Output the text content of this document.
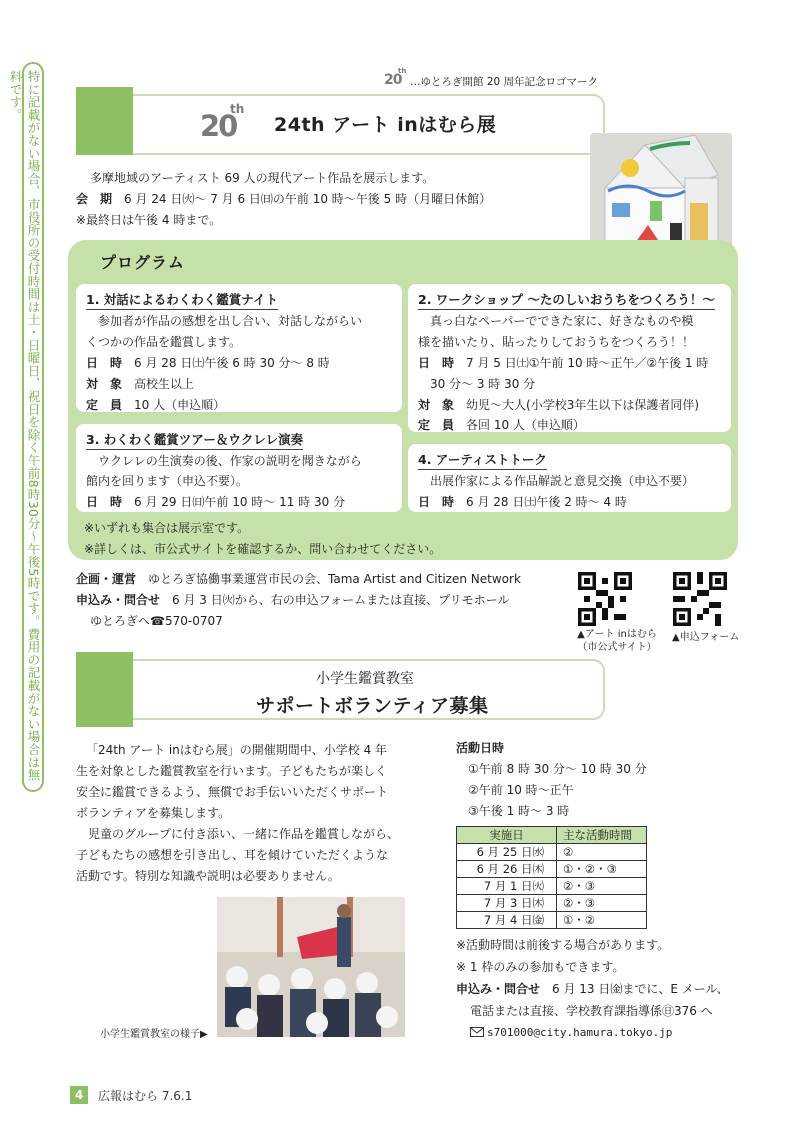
特に記載がない場合、市役所の受付時間は土・日曜日、祝日を除く午前8時30分～午後5時です。費用の記載がない場合は無料です。	20
th
…ゆとろぎ開館 20 周年記念ロゴマーク
20
th
24th アート inはむら展
多摩地域のアーティスト 69 人の現代アート作品を展示します。
会　期　 6 月 24 日㈫～ 7 月 6 日㈰の午前 10 時～午後 5 時（月曜日休館）
※最終日は午後 4 時まで。
プログラム
1. 対話によるわくわく鑑賞ナイト
参加者が作品の感想を出し合い、対話しながらい
くつかの作品を鑑賞します。
日　時　 6 月 28 日㈯午後 6 時 30 分～ 8 時
対　象　 高校生以上
定　員　 10 人（申込順）
2. ワークショップ ～たのしいおうちをつくろう！～
真っ白なペーパーでできた家に、好きなものや模
様を描いたり、貼ったりしておうちをつくろう！！
日　時　 7 月 5 日㈯①午前 10 時～正午／②午後 1 時
30 分～ 3 時 30 分
対　象　 幼児～大人(小学校3年生以下は保護者同伴)
定　員　 各回 10 人（申込順）
3. わくわく鑑賞ツアー＆ウクレレ演奏
ウクレレの生演奏の後、作家の説明を聞きながら
館内を回ります（申込不要）。
日　時　 6 月 29 日㈰午前 10 時～ 11 時 30 分
4. アーティストトーク
出展作家による作品解説と意見交換（申込不要）
日　時　 6 月 28 日㈯午後 2 時～ 4 時
※いずれも集合は展示室です。
※詳しくは、市公式サイトを確認するか、問い合わせてください。
企画・運営　 ゆとろぎ協働事業運営市民の会、Tama Artist and Citizen Network
申込み・問合せ　 6 月 3 日㈫から、右の申込フォームまたは直接、プリモホール
ゆとろぎへ☎570-0707
▲アート inはむら
（市公式サイト）
▲申込フォーム
小学生鑑賞教室
サポートボランティア募集
「24th アート inはむら展」の開催期間中、小学校 4 年
生を対象とした鑑賞教室を行います。子どもたちが楽しく
安全に鑑賞できるよう、無償でお手伝いいただくサポート
ボランティアを募集します。
児童のグループに付き添い、一緒に作品を鑑賞しながら、
子どもたちの感想を引き出し、耳を傾けていただくような
活動です。特別な知識や説明は必要ありません。
小学生鑑賞教室の様子▶
活動日時
①午前 8 時 30 分～ 10 時 30 分
②午前 10 時～正午
③午後 1 時～ 3 時
実施日	主な活動時間
6 月 25 日㈬	②
6 月 26 日㈭	①・②・③
7 月 1 日㈫	②・③
7 月 3 日㈭	②・③
7 月 4 日㈮	①・②
※活動時間は前後する場合があります。
※ 1 枠のみの参加もできます。
申込み・問合せ　 6 月 13 日㈮までに、E メール、
電話または直接、学校教育課指導係㊐376 へ
s701000@city.hamura.tokyo.jp
4	広報はむら 7.6.1
